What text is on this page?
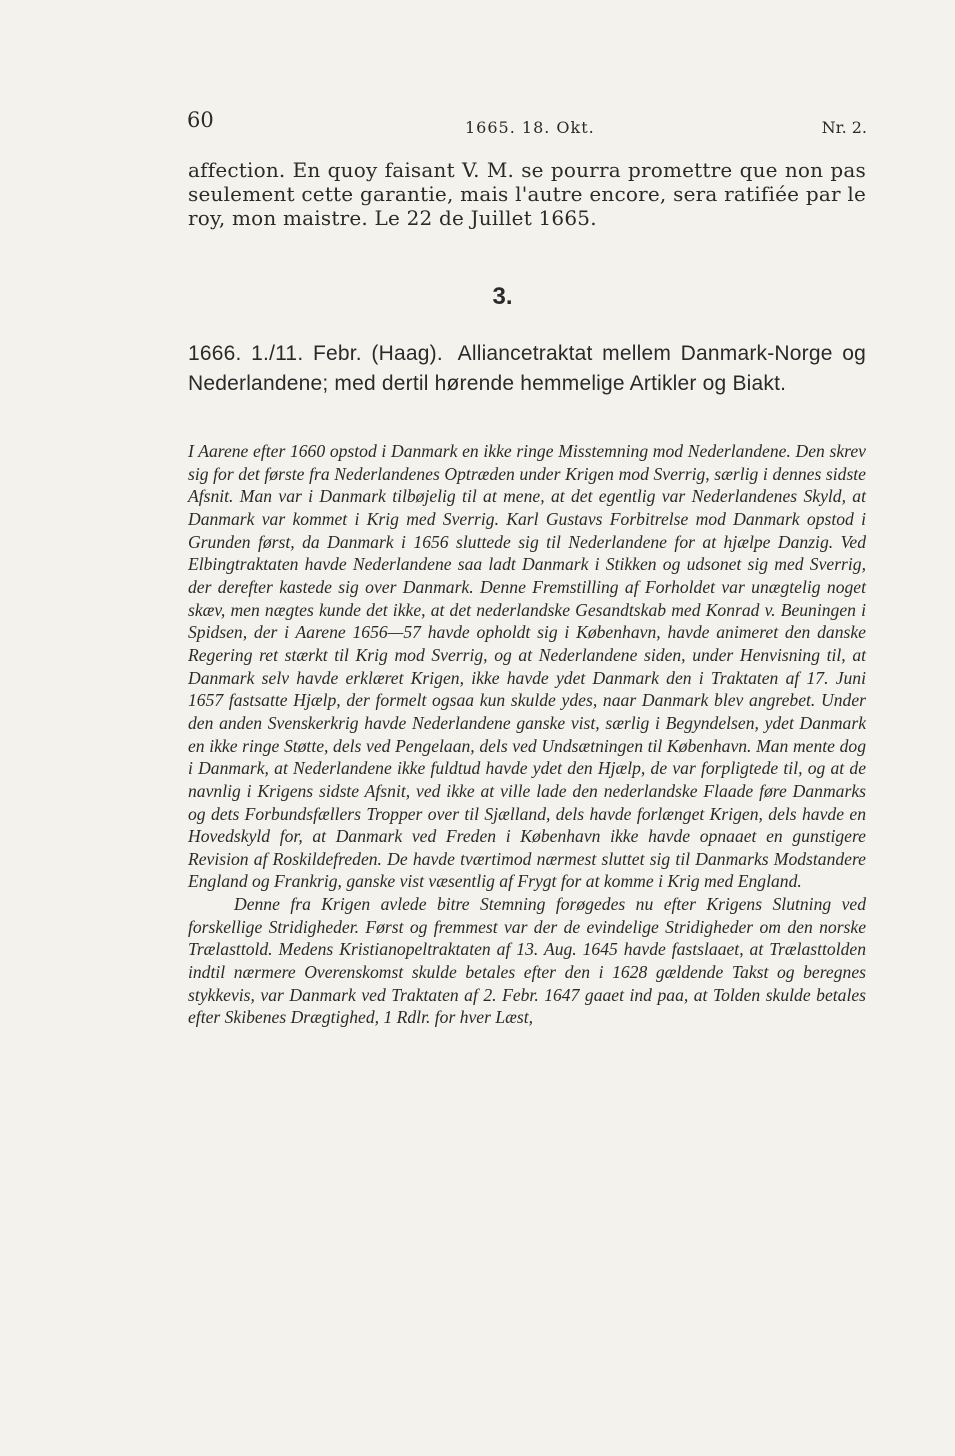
60	1665. 18. Okt.	Nr. 2.

affection. En quoy faisant V. M. se pourra promettre que non pas seulement cette garantie, mais l'autre encore, sera ratifiée par le roy, mon maistre. Le 22 de Juillet 1665.

3.

1666. 1./11. Febr. (Haag). Alliancetraktat mellem Danmark-Norge og Nederlandene; med dertil hørende hemmelige Artikler og Biakt.

I Aarene efter 1660 opstod i Danmark en ikke ringe Misstemning mod Nederlandene. Den skrev sig for det første fra Nederlandenes Optræden under Krigen mod Sverrig, særlig i dennes sidste Afsnit. Man var i Danmark tilbøjelig til at mene, at det egentlig var Nederlandenes Skyld, at Danmark var kommet i Krig med Sverrig. Karl Gustavs Forbitrelse mod Danmark opstod i Grunden først, da Danmark i 1656 sluttede sig til Nederlandene for at hjælpe Danzig. Ved Elbingtraktaten havde Nederlandene saa ladt Danmark i Stikken og udsonet sig med Sverrig, der derefter kastede sig over Danmark. Denne Fremstilling af Forholdet var unægtelig noget skæv, men nægtes kunde det ikke, at det nederlandske Gesandtskab med Konrad v. Beuningen i Spidsen, der i Aarene 1656—57 havde opholdt sig i København, havde animeret den danske Regering ret stærkt til Krig mod Sverrig, og at Nederlandene siden, under Henvisning til, at Danmark selv havde erklæret Krigen, ikke havde ydet Danmark den i Traktaten af 17. Juni 1657 fastsatte Hjælp, der formelt ogsaa kun skulde ydes, naar Danmark blev angrebet. Under den anden Svenskerkrig havde Nederlandene ganske vist, særlig i Begyndelsen, ydet Danmark en ikke ringe Støtte, dels ved Pengelaan, dels ved Undsætningen til København. Man mente dog i Danmark, at Nederlandene ikke fuldtud havde ydet den Hjælp, de var forpligtede til, og at de navnlig i Krigens sidste Afsnit, ved ikke at ville lade den nederlandske Flaade føre Danmarks og dets Forbundsfællers Tropper over til Sjælland, dels havde forlænget Krigen, dels havde en Hovedskyld for, at Danmark ved Freden i København ikke havde opnaaet en gunstigere Revision af Roskildefreden. De havde tværtimod nærmest sluttet sig til Danmarks Modstandere England og Frankrig, ganske vist væsentlig af Frygt for at komme i Krig med England.

Denne fra Krigen avlede bitre Stemning forøgedes nu efter Krigens Slutning ved forskellige Stridigheder. Først og fremmest var der de evindelige Stridigheder om den norske Trælasttold. Medens Kristianopeltraktaten af 13. Aug. 1645 havde fastslaaet, at Trælasttolden indtil nærmere Overenskomst skulde betales efter den i 1628 gældende Takst og beregnes stykkevis, var Danmark ved Traktaten af 2. Febr. 1647 gaaet ind paa, at Tolden skulde betales efter Skibenes Drægtighed, 1 Rdlr. for hver Læst,
